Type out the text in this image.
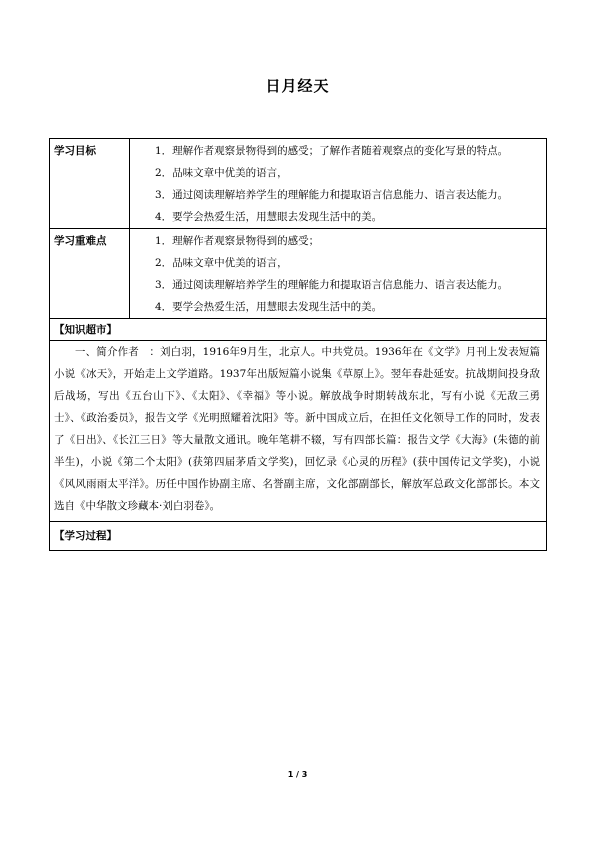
日月经天
学习目标	1．理解作者观察景物得到的感受；了解作者随着观察点的变化写景的特点。

2．品味文章中优美的语言，

3．通过阅读理解培养学生的理解能力和提取语言信息能力、语言表达能力。

4．要学会热爱生活，用慧眼去发现生活中的美。

学习重难点	1．理解作者观察景物得到的感受；

2．品味文章中优美的语言，

3．通过阅读理解培养学生的理解能力和提取语言信息能力、语言表达能力。

4．要学会热爱生活，用慧眼去发现生活中的美。

【知识超市】	

一、简介作者   ：刘白羽，1916年9月生，北京人。中共党员。1936年在《文学》月刊上发表短篇小说《冰天》，开始走上文学道路。1937年出版短篇小说集《草原上》。翌年春赴延安。抗战期间投身敌后战场，写出《五台山下》、《太阳》、《幸福》等小说。解放战争时期转战东北，写有小说《无敌三勇士》、《政治委员》，报告文学《光明照耀着沈阳》等。新中国成立后，在担任文化领导工作的同时，发表了《日出》、《长江三日》等大量散文通讯。晚年笔耕不辍，写有四部长篇：报告文学《大海》(朱德的前半生)，小说《第二个太阳》(获第四届茅盾文学奖)，回忆录《心灵的历程》(获中国传记文学奖)，小说《风风雨雨太平洋》。历任中国作协副主席、名誉副主席，文化部副部长，解放军总政文化部部长。本文选自《中华散文珍藏本·刘白羽卷》。	

【学习过程】	
1 / 3
